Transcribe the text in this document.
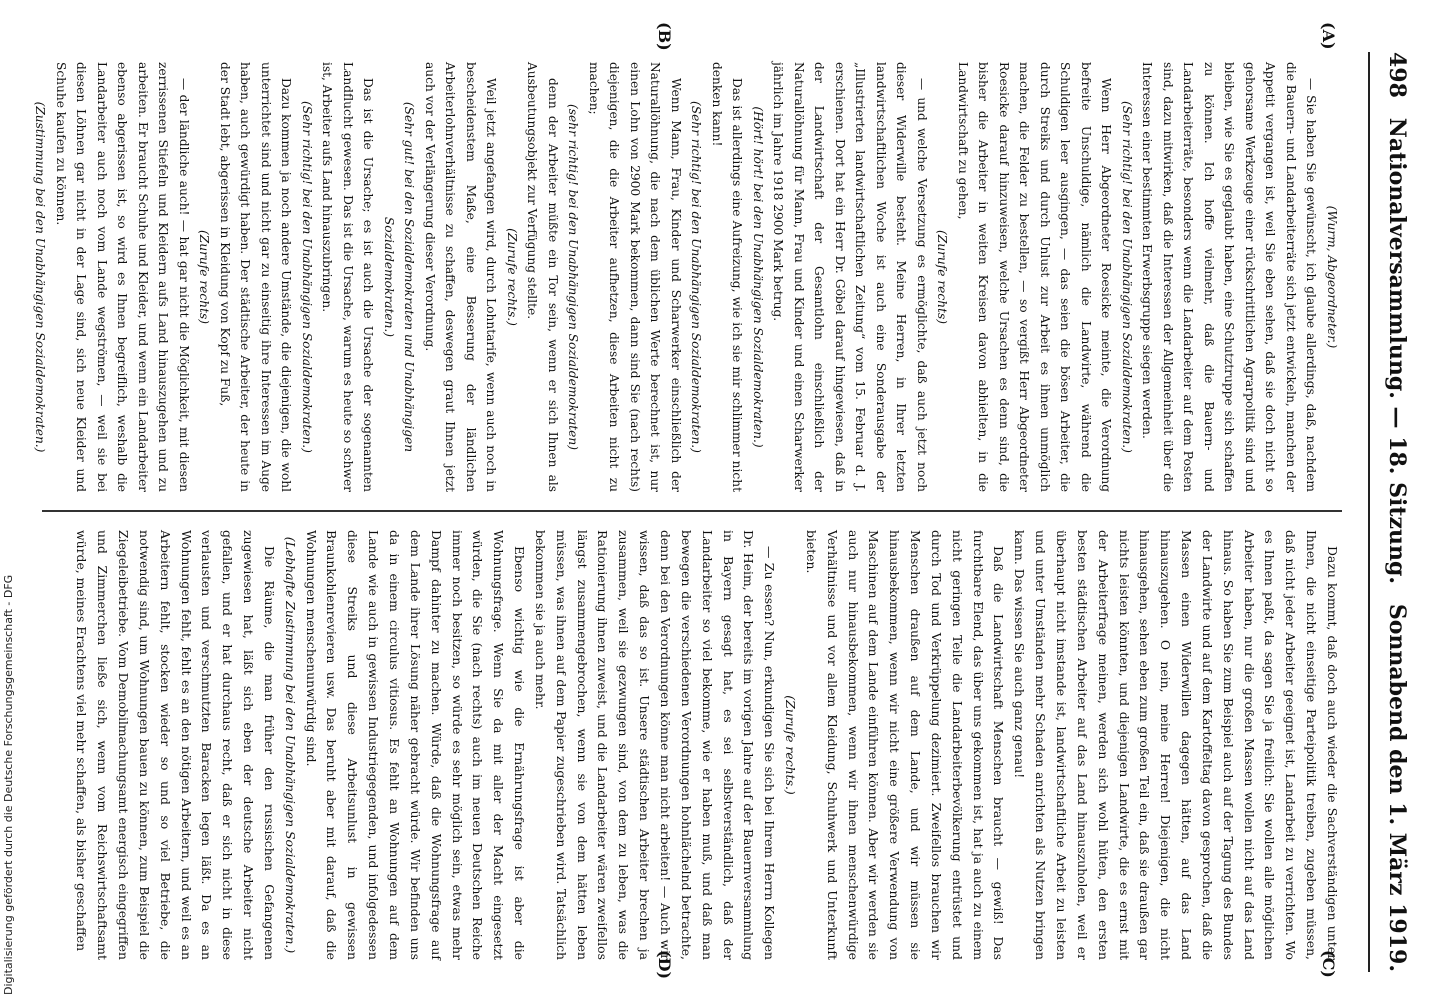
498
Nationalversammlung. — 18. Sitzung.
Sonnabend den 1. März 1919.
(A)
(B)
(C)
(D)
(Wurm, Abgeordneter.)

— Sie haben Sie gewünscht, ich glaube allerdings, daß, nachdem die Bauern- und Landarbeiterräte sich jetzt entwickeln, manchen der Appetit vergangen ist, weil Sie eben sehen, daß sie doch nicht so gehorsame Werkzeuge einer rückschrittlichen Agrarpolitik sind und bleiben, wie Sie es geglaubt haben, eine Schutztruppe sich schaffen zu können. Ich hoffe vielmehr, daß die Bauern- und Landarbeiterräte, besonders wenn die Landarbeiter auf dem Posten sind, dazu mitwirken, daß die Interessen der Allgemeinheit über die Interessen einer bestimmten Erwerbsgruppe siegen werden.

(Sehr richtig! bei den Unabhängigen Sozialdemokraten.)

Wenn Herr Abgeordneter Roesicke meinte, die Verordnung befreite Unschuldige, nämlich die Landwirte, während die Schuldigen leer ausgingen, — das seien die bösen Arbeiter, die durch Streiks und durch Unlust zur Arbeit es ihnen unmöglich machen, die Felder zu bestellen, — so vergißt Herr Abgeordneter Roesicke darauf hinzuweisen, welche Ursachen es denn sind, die bisher die Arbeiter in weiten Kreisen davon abhielten, in die Landwirtschaft zu gehen,

(Zurufe rechts)

— und welche Versetzung es ermöglichte, daß auch jetzt noch dieser Widerwille besteht. Meine Herren, in Ihrer letzten landwirtschaftlichen Woche ist auch eine Sonderausgabe der „Illustrierten landwirtschaftlichen Zeitung“ vom 15. Februar d. J. erschienen. Dort hat ein Herr Dr. Göbel darauf hingewiesen, daß in der Landwirtschaft der Gesamtlohn einschließlich der Naturallöhnung für Mann, Frau und Kinder und einen Scharwerker jährlich im Jahre 1918 2900 Mark betrug.

(Hört! hört! bei den Unabhängigen Sozialdemokraten.)

Das ist allerdings eine Aufreizung, wie ich sie mir schlimmer nicht denken kann!

(Sehr richtig! bei den Unabhängigen Sozialdemokraten.)

Wenn Mann, Frau, Kinder und Scharwerker einschließlich der Naturallöhnung, die nach dem üblichen Werte berechnet ist, nur einen Lohn von 2900 Mark bekommen, dann sind Sie (nach rechts) diejenigen, die die Arbeiter aufhetzen, diese Arbeiten nicht zu machen;

(sehr richtig! bei den Unabhängigen Sozialdemokraten)

denn der Arbeiter müßte ein Tor sein, wenn er sich Ihnen als Ausbeutungsobjekt zur Verfügung stellte.

(Zurufe rechts.)

Weil jetzt angefangen wird, durch Lohntarife, wenn auch noch in bescheidenstem Maße, eine Besserung der ländlichen Arbeiterlohnverhältnisse zu schaffen, deswegen graut Ihnen jetzt auch vor der Verlängerung dieser Verordnung.

(Sehr gut! bei den Sozialdemokraten und Unabhängigen Sozialdemokraten.)

Das ist die Ursache; es ist auch die Ursache der sogenannten Landflucht gewesen. Das ist die Ursache, warum es heute so schwer ist, Arbeiter aufs Land hinauszubringen.

(Sehr richtig! bei den Unabhängigen Sozialdemokraten.)

Dazu kommen ja noch andere Umstände, die diejenigen, die wohl unterrichtet sind und nicht gar zu einseitig ihre Interessen im Auge haben, auch gewürdigt haben. Der städtische Arbeiter, der heute in der Stadt lebt, abgerissen in Kleidung von Kopf zu Fuß,

(Zurufe rechts)

— der ländliche auch! — hat gar nicht die Möglichkeit, mit diesen zerrissenen Stiefeln und Kleidern aufs Land hinauszugehen und zu arbeiten. Er braucht Schuhe und Kleider, und wenn ein Landarbeiter ebenso abgerissen ist, so wird es Ihnen begreiflich, weshalb die Landarbeiter auch noch vom Lande wegströmen, — weil sie bei diesen Löhnen gar nicht in der Lage sind, sich neue Kleider und Schuhe kaufen zu können.

(Zustimmung bei den Unabhängigen Sozialdemokraten.)

Dazu kommt, daß doch auch wieder die Sachverständigen unter Ihnen, die nicht einseitige Parteipolitik treiben, zugeben müssen, daß nicht jeder Arbeiter geeignet ist, Landarbeit zu verrichten. Wo es Ihnen paßt, da sagen Sie ja freilich: Sie wollen alle möglichen Arbeiter haben, nur die großen Massen wollen nicht auf das Land hinaus. So haben Sie zum Beispiel auch auf der Tagung des Bundes der Landwirte und auf dem Kartoffeltag davon gesprochen, daß die Massen einen Widerwillen dagegen hätten, auf das Land hinauszugehen. O nein, meine Herren! Diejenigen, die nicht hinausgehen, sehen eben zum großen Teil ein, daß sie draußen gar nichts leisten könnten, und diejenigen Landwirte, die es ernst mit der Arbeiterfrage meinen, werden sich wohl hüten, den ersten besten städtischen Arbeiter auf das Land hinauszuholen, weil er überhaupt nicht imstande ist, landwirtschaftliche Arbeit zu leisten und unter Umständen mehr Schaden anrichten als Nutzen bringen kann. Das wissen Sie auch ganz genau!

Daß die Landwirtschaft Menschen braucht — gewiß! Das furchtbare Elend, das über uns gekommen ist, hat ja auch zu einem nicht geringen Teile die Landarbeiterbevölkerung entrüstet und durch Tod und Verkrüppelung dezimiert. Zweifellos brauchen wir Menschen draußen auf dem Lande, und wir müssen sie hinausbekommen, wenn wir nicht eine größere Verwendung von Maschinen auf dem Lande einführen können. Aber wir werden sie auch nur hinausbekommen, wenn wir ihnen menschenwürdige Verhältnisse und vor allem Kleidung, Schuhwerk und Unterkunft bieten.

(Zurufe rechts.)

— Zu essen? Nun, erkundigen Sie sich bei Ihrem Herrn Kollegen Dr. Heim, der bereits im vorigen Jahre auf der Bauernversammlung in Bayern gesagt hat, es sei selbstverständlich, daß der Landarbeiter so viel bekomme, wie er haben muß, und daß man bewegen die verschiedenen Verordnungen hohnlächelnd betrachte, denn bei den Verordnungen könne man nicht arbeiten! — Auch wir wissen, daß das so ist. Unsere städtischen Arbeiter brechen ja zusammen, weil sie gezwungen sind, von dem zu leben, was die Rationierung ihnen zuweist, und die Landarbeiter wären zweifellos längst zusammengebrochen, wenn sie von dem hätten leben müssen, was ihnen auf dem Papier zugeschrieben wird. Tatsächlich bekommen sie ja auch mehr.

Ebenso wichtig wie die Ernährungsfrage ist aber die Wohnungsfrage. Wenn Sie da mit aller der Macht eingesetzt würden, die Sie (nach rechts) auch im neuen Deutschen Reiche immer noch besitzen, so würde es sehr möglich sein, etwas mehr Dampf dahinter zu machen. Würde, daß die Wohnungsfrage auf dem Lande ihrer Lösung näher gebracht würde. Wir befinden uns da in einem circulus vitiosus. Es fehlt an Wohnungen auf dem Lande wie auch in gewissen Industriegegenden, und infolgedessen diese Streiks und diese Arbeitsunlust in gewissen Braunkohlenrevieren usw. Das beruht aber mit darauf, daß die Wohnungen menschenunwürdig sind.

(Lebhafte Zustimmung bei den Unabhängigen Sozialdemokraten.)

Die Räume, die man früher den russischen Gefangenen zugewiesen hat, läßt sich eben der deutsche Arbeiter nicht gefallen, und er hat durchaus recht, daß er sich nicht in diese verlausten und verschmutzten Baracken legen läßt. Da es an Wohnungen fehlt, fehlt es an den nötigen Arbeitern, und weil es an Arbeitern fehlt, stocken wieder so und so viel Betriebe, die notwendig sind, um Wohnungen bauen zu können, zum Beispiel die Ziegeleibetriebe. Vom Demobilmachungsamt energisch eingegriffen und Zimmerchen ließe sich, wenn vom Reichswirtschaftsamt würde, meines Erachtens viel mehr schaffen, als bisher geschaffen

Digitalisierung gefördert durch die Deutsche Forschungsgemeinschaft - DFG
